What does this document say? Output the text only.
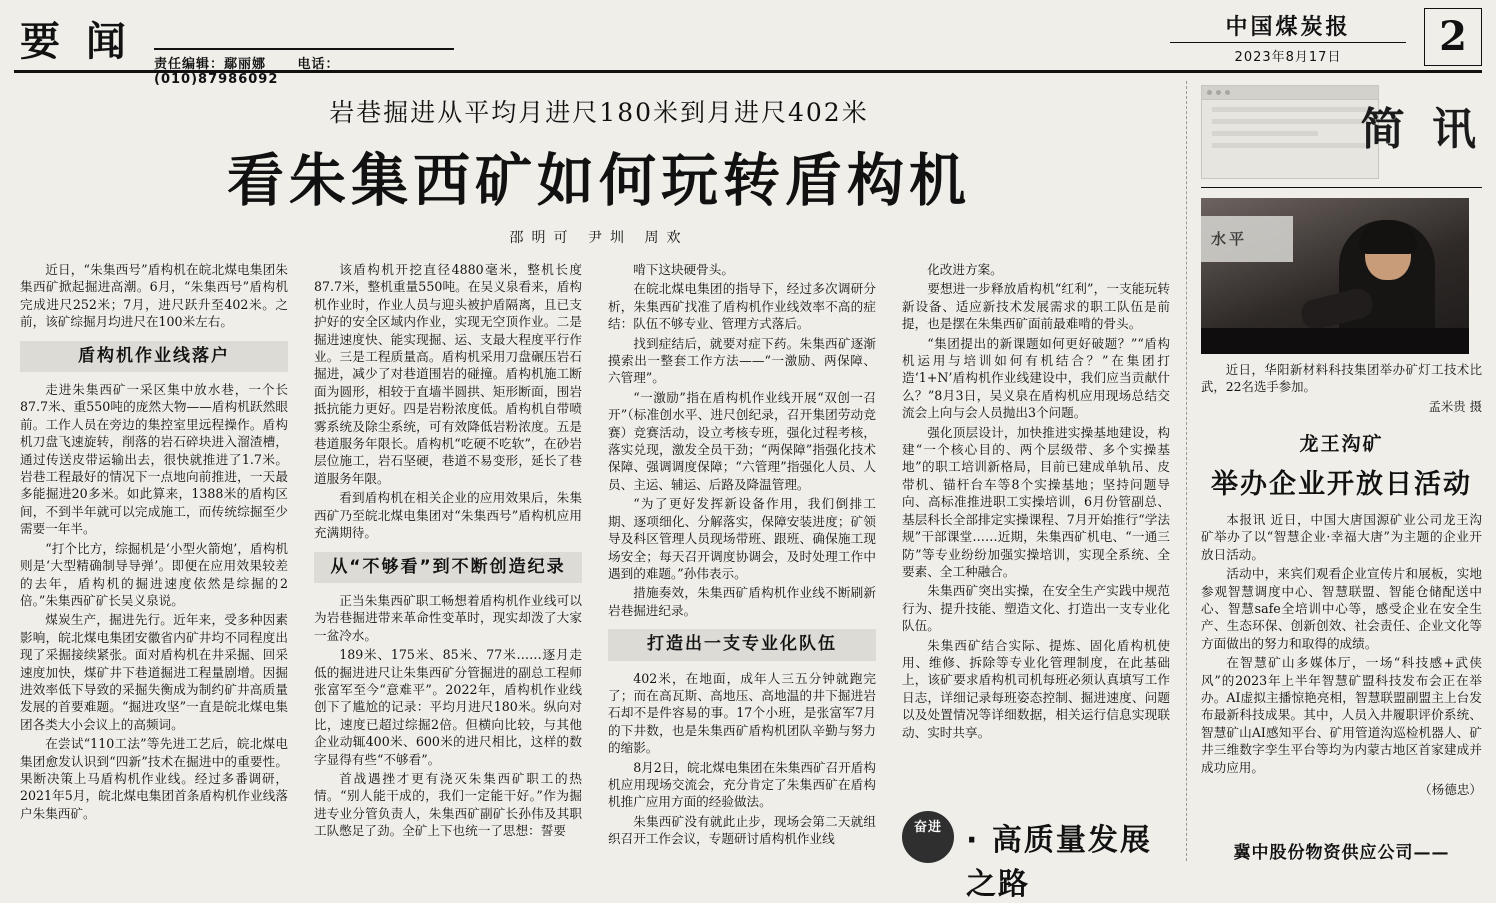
要 闻 责任编辑：鄢丽娜 电话：(010)87986092
中国煤炭报
2023年8月17日	2
岩巷掘进从平均月进尺180米到月进尺402米
看朱集西矿如何玩转盾构机
邵明可 尹圳 周欢

近日，“朱集西号”盾构机在皖北煤电集团朱集西矿掀起掘进高潮。6月，“朱集西号”盾构机完成进尺252米；7月，进尺跃升至402米。之前，该矿综掘月均进尺在100米左右。

盾构机作业线落户

走进朱集西矿一采区集中放水巷，一个长87.7米、重550吨的庞然大物——盾构机跃然眼前。工作人员在旁边的集控室里远程操作。盾构机刀盘飞速旋转，削落的岩石碎块进入溜渣槽，通过传送皮带运输出去，很快就推进了1.7米。岩巷工程最好的情况下一点地向前推进，一天最多能掘进20多米。如此算来，1388米的盾构区间，不到半年就可以完成施工，而传统综掘至少需要一年半。

“打个比方，综掘机是‘小型火箭炮’，盾构机则是‘大型精确制导导弹’。即便在应用效果较差的去年，盾构机的掘进速度依然是综掘的2倍。”朱集西矿矿长吴义泉说。

煤炭生产，掘进先行。近年来，受多种因素影响，皖北煤电集团安徽省内矿井均不同程度出现了采掘接续紧张。面对盾构机在井采掘、回采速度加快，煤矿井下巷道掘进工程量剧增。因掘进效率低下导致的采掘失衡成为制约矿井高质量发展的首要难题。“掘进攻坚”一直是皖北煤电集团各类大小会议上的高频词。

在尝试“110工法”等先进工艺后，皖北煤电集团愈发认识到“四新”技术在掘进中的重要性。果断决策上马盾构机作业线。经过多番调研，2021年5月，皖北煤电集团首条盾构机作业线落户朱集西矿。

该盾构机开挖直径4880毫米，整机长度87.7米，整机重量550吨。在吴义泉看来，盾构机作业时，作业人员与迎头被护盾隔离，且已支护好的安全区域内作业，实现无空顶作业。二是掘进速度快、能实现掘、运、支最大程度平行作业。三是工程质量高。盾构机采用刀盘碾压岩石掘进，减少了对巷道围岩的碰撞。盾构机施工断面为圆形，相较于直墙半圆拱、矩形断面，围岩抵抗能力更好。四是岩粉浓度低。盾构机自带喷雾系统及除尘系统，可有效降低岩粉浓度。五是巷道服务年限长。盾构机“吃硬不吃软”，在砂岩层位施工，岩石坚硬，巷道不易变形，延长了巷道服务年限。

看到盾构机在相关企业的应用效果后，朱集西矿乃至皖北煤电集团对“朱集西号”盾构机应用充满期待。

从“不够看”到不断创造纪录

正当朱集西矿职工畅想着盾构机作业线可以为岩巷掘进带来革命性变革时，现实却泼了大家一盆冷水。

189米、175米、85米、77米……逐月走低的掘进进尺让朱集西矿分管掘进的副总工程师张富军至今“意难平”。2022年，盾构机作业线创下了尴尬的记录：平均月进尺180米。纵向对比，速度已超过综掘2倍。但横向比较，与其他企业动辄400米、600米的进尺相比，这样的数字显得有些“不够看”。

首战遇挫才更有浇灭朱集西矿职工的热情。“别人能干成的，我们一定能干好。”作为掘进专业分管负责人，朱集西矿副矿长孙伟及其职工队憋足了劲。全矿上下也统一了思想：誓要

啃下这块硬骨头。

在皖北煤电集团的指导下，经过多次调研分析，朱集西矿找准了盾构机作业线效率不高的症结：队伍不够专业、管理方式落后。

找到症结后，就要对症下药。朱集西矿逐渐摸索出一整套工作方法——“一激励、两保障、六管理”。

“一激励”指在盾构机作业线开展“双创一召开”（标准创水平、进尺创纪录，召开集团劳动竞赛）竞赛活动，设立考核专班，强化过程考核，落实兑现，激发全员干劲；“两保障”指强化技术保障、强调调度保障；“六管理”指强化人员、人员、主运、辅运、后路及降温管理。

“为了更好发挥新设备作用，我们倒排工期、逐项细化、分解落实，保障安装进度；矿领导及科区管理人员现场带班、跟班、确保施工现场安全；每天召开调度协调会，及时处理工作中遇到的难题。”孙伟表示。

措施奏效，朱集西矿盾构机作业线不断刷新岩巷掘进纪录。

打造出一支专业化队伍

402米，在地面，成年人三五分钟就跑完了；而在高瓦斯、高地压、高地温的井下掘进岩石却不是件容易的事。17个小班，是张富军7月的下井数，也是朱集西矿盾构机团队辛勤与努力的缩影。

8月2日，皖北煤电集团在朱集西矿召开盾构机应用现场交流会，充分肯定了朱集西矿在盾构机推广应用方面的经验做法。

朱集西矿没有就此止步，现场会第二天就组织召开工作会议，专题研讨盾构机作业线

化改进方案。

要想进一步释放盾构机“红利”，一支能玩转新设备、适应新技术发展需求的职工队伍是前提，也是摆在朱集西矿面前最难啃的骨头。

“集团提出的新课题如何更好破题？”“盾构机运用与培训如何有机结合？”在集团打造‘1+N’盾构机作业线建设中，我们应当贡献什么？”8月3日，吴义泉在盾构机应用现场总结交流会上向与会人员抛出3个问题。

强化顶层设计，加快推进实操基地建设，构建“一个核心目的、两个层级带、多个实操基地”的职工培训新格局，目前已建成单轨吊、皮带机、锚杆台车等8个实操基地；坚持问题导向、高标准推进职工实操培训，6月份管副总、基层科长全部排定实操课程、7月开始推行“学法规”干部课堂……近期，朱集西矿机电、“一通三防”等专业纷纷加强实操培训，实现全系统、全要素、全工种融合。

朱集西矿突出实操，在安全生产实践中规范行为、提升技能、塑造文化、打造出一支专业化队伍。

朱集西矿结合实际、提炼、固化盾构机使用、维修、拆除等专业化管理制度，在此基础上，该矿要求盾构机司机每班必须认真填写工作日志，详细记录每班姿态控制、掘进速度、问题以及处置情况等详细数据，相关运行信息实现联动、实时共享。

奋进 · 高质量发展之路
简 讯
水平
近日，华阳新材料科技集团举办矿灯工技术比武，22名选手参加。
孟米贵 摄
龙王沟矿
举办企业开放日活动

本报讯 近日，中国大唐国源矿业公司龙王沟矿举办了以“智慧企业·幸福大唐”为主题的企业开放日活动。

活动中，来宾们观看企业宣传片和展板，实地参观智慧调度中心、智慧联盟、智能仓储配送中心、智慧safe全培训中心等，感受企业在安全生产、生态环保、创新创效、社会责任、企业文化等方面做出的努力和取得的成绩。

在智慧矿山多媒体厅，一场“科技感+武侠风”的2023年上半年智慧矿盟科技发布会正在举办。AI虚拟主播惊艳亮相，智慧联盟副盟主上台发布最新科技成果。其中，人员入井履职评价系统、智慧矿山AI感知平台、矿用管道沟巡检机器人、矿井三维数字孪生平台等均为内蒙古地区首家建成并成功应用。

（杨德忠）
冀中股份物资供应公司——
